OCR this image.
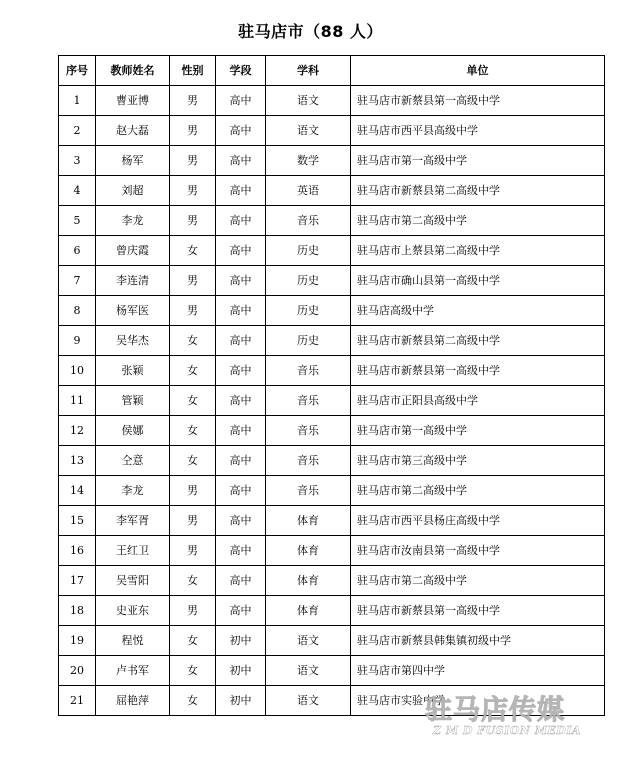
驻马店市（88 人）
序号	教师姓名	性别	学段	学科	单位
1	曹亚博	男	高中	语文	驻马店市新蔡县第一高级中学
2	赵大磊	男	高中	语文	驻马店市西平县高级中学
3	杨军	男	高中	数学	驻马店市第一高级中学
4	刘超	男	高中	英语	驻马店市新蔡县第二高级中学
5	李龙	男	高中	音乐	驻马店市第二高级中学
6	曾庆霞	女	高中	历史	驻马店市上蔡县第二高级中学
7	李连清	男	高中	历史	驻马店市确山县第一高级中学
8	杨军医	男	高中	历史	驻马店高级中学
9	吴华杰	女	高中	历史	驻马店市新蔡县第二高级中学
10	张颖	女	高中	音乐	驻马店市新蔡县第一高级中学
11	管颖	女	高中	音乐	驻马店市正阳县高级中学
12	侯娜	女	高中	音乐	驻马店市第一高级中学
13	仝意	女	高中	音乐	驻马店市第三高级中学
14	李龙	男	高中	音乐	驻马店市第二高级中学
15	李军胥	男	高中	体育	驻马店市西平县杨庄高级中学
16	王红卫	男	高中	体育	驻马店市汝南县第一高级中学
17	吴雪阳	女	高中	体育	驻马店市第二高级中学
18	史亚东	男	高中	体育	驻马店市新蔡县第一高级中学
19	程悦	女	初中	语文	驻马店市新蔡县韩集镇初级中学
20	卢书军	女	初中	语文	驻马店市第四中学
21	屈艳萍	女	初中	语文	驻马店市实验中学
驻马店传媒
Z M D FUSION MEDIA
